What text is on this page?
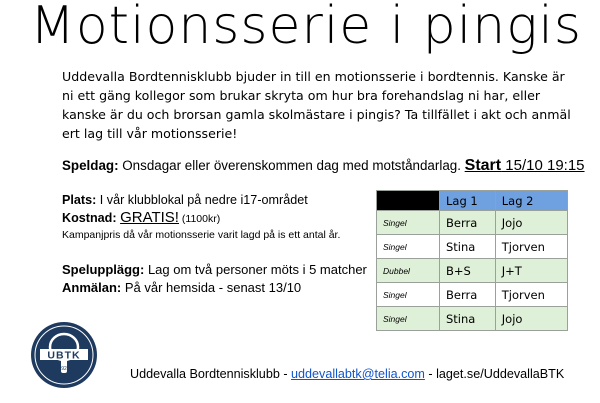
Motionsserie i pingis
Uddevalla Bordtennisklubb bjuder in till en motionsserie i bordtennis. Kanske är ni ett gäng kollegor som brukar skryta om hur bra forehandslag ni har, eller kanske är du och brorsan gamla skolmästare i pingis? Ta tillfället i akt och anmäl ert lag till vår motionsserie!
Speldag: Onsdagar eller överenskommen dag med motståndarlag. Start 15/10 19:15
Plats: I vår klubblokal på nedre i17-området
Kostnad: GRATIS! (1100kr)
Kampanjpris då vår motionsserie varit lagd på is ett antal år.
Spelupplägg: Lag om två personer möts i 5 matcher
Anmälan: På vår hemsida - senast 13/10
	Lag 1	Lag 2
Singel	Berra	Jojo
Singel	Stina	Tjorven
Dubbel	B+S	J+T
Singel	Berra	Tjorven
Singel	Stina	Jojo
UBTK
1924	Uddevalla Bordtennisklubb - uddevallabtk@telia.com - laget.se/UddevallaBTK
